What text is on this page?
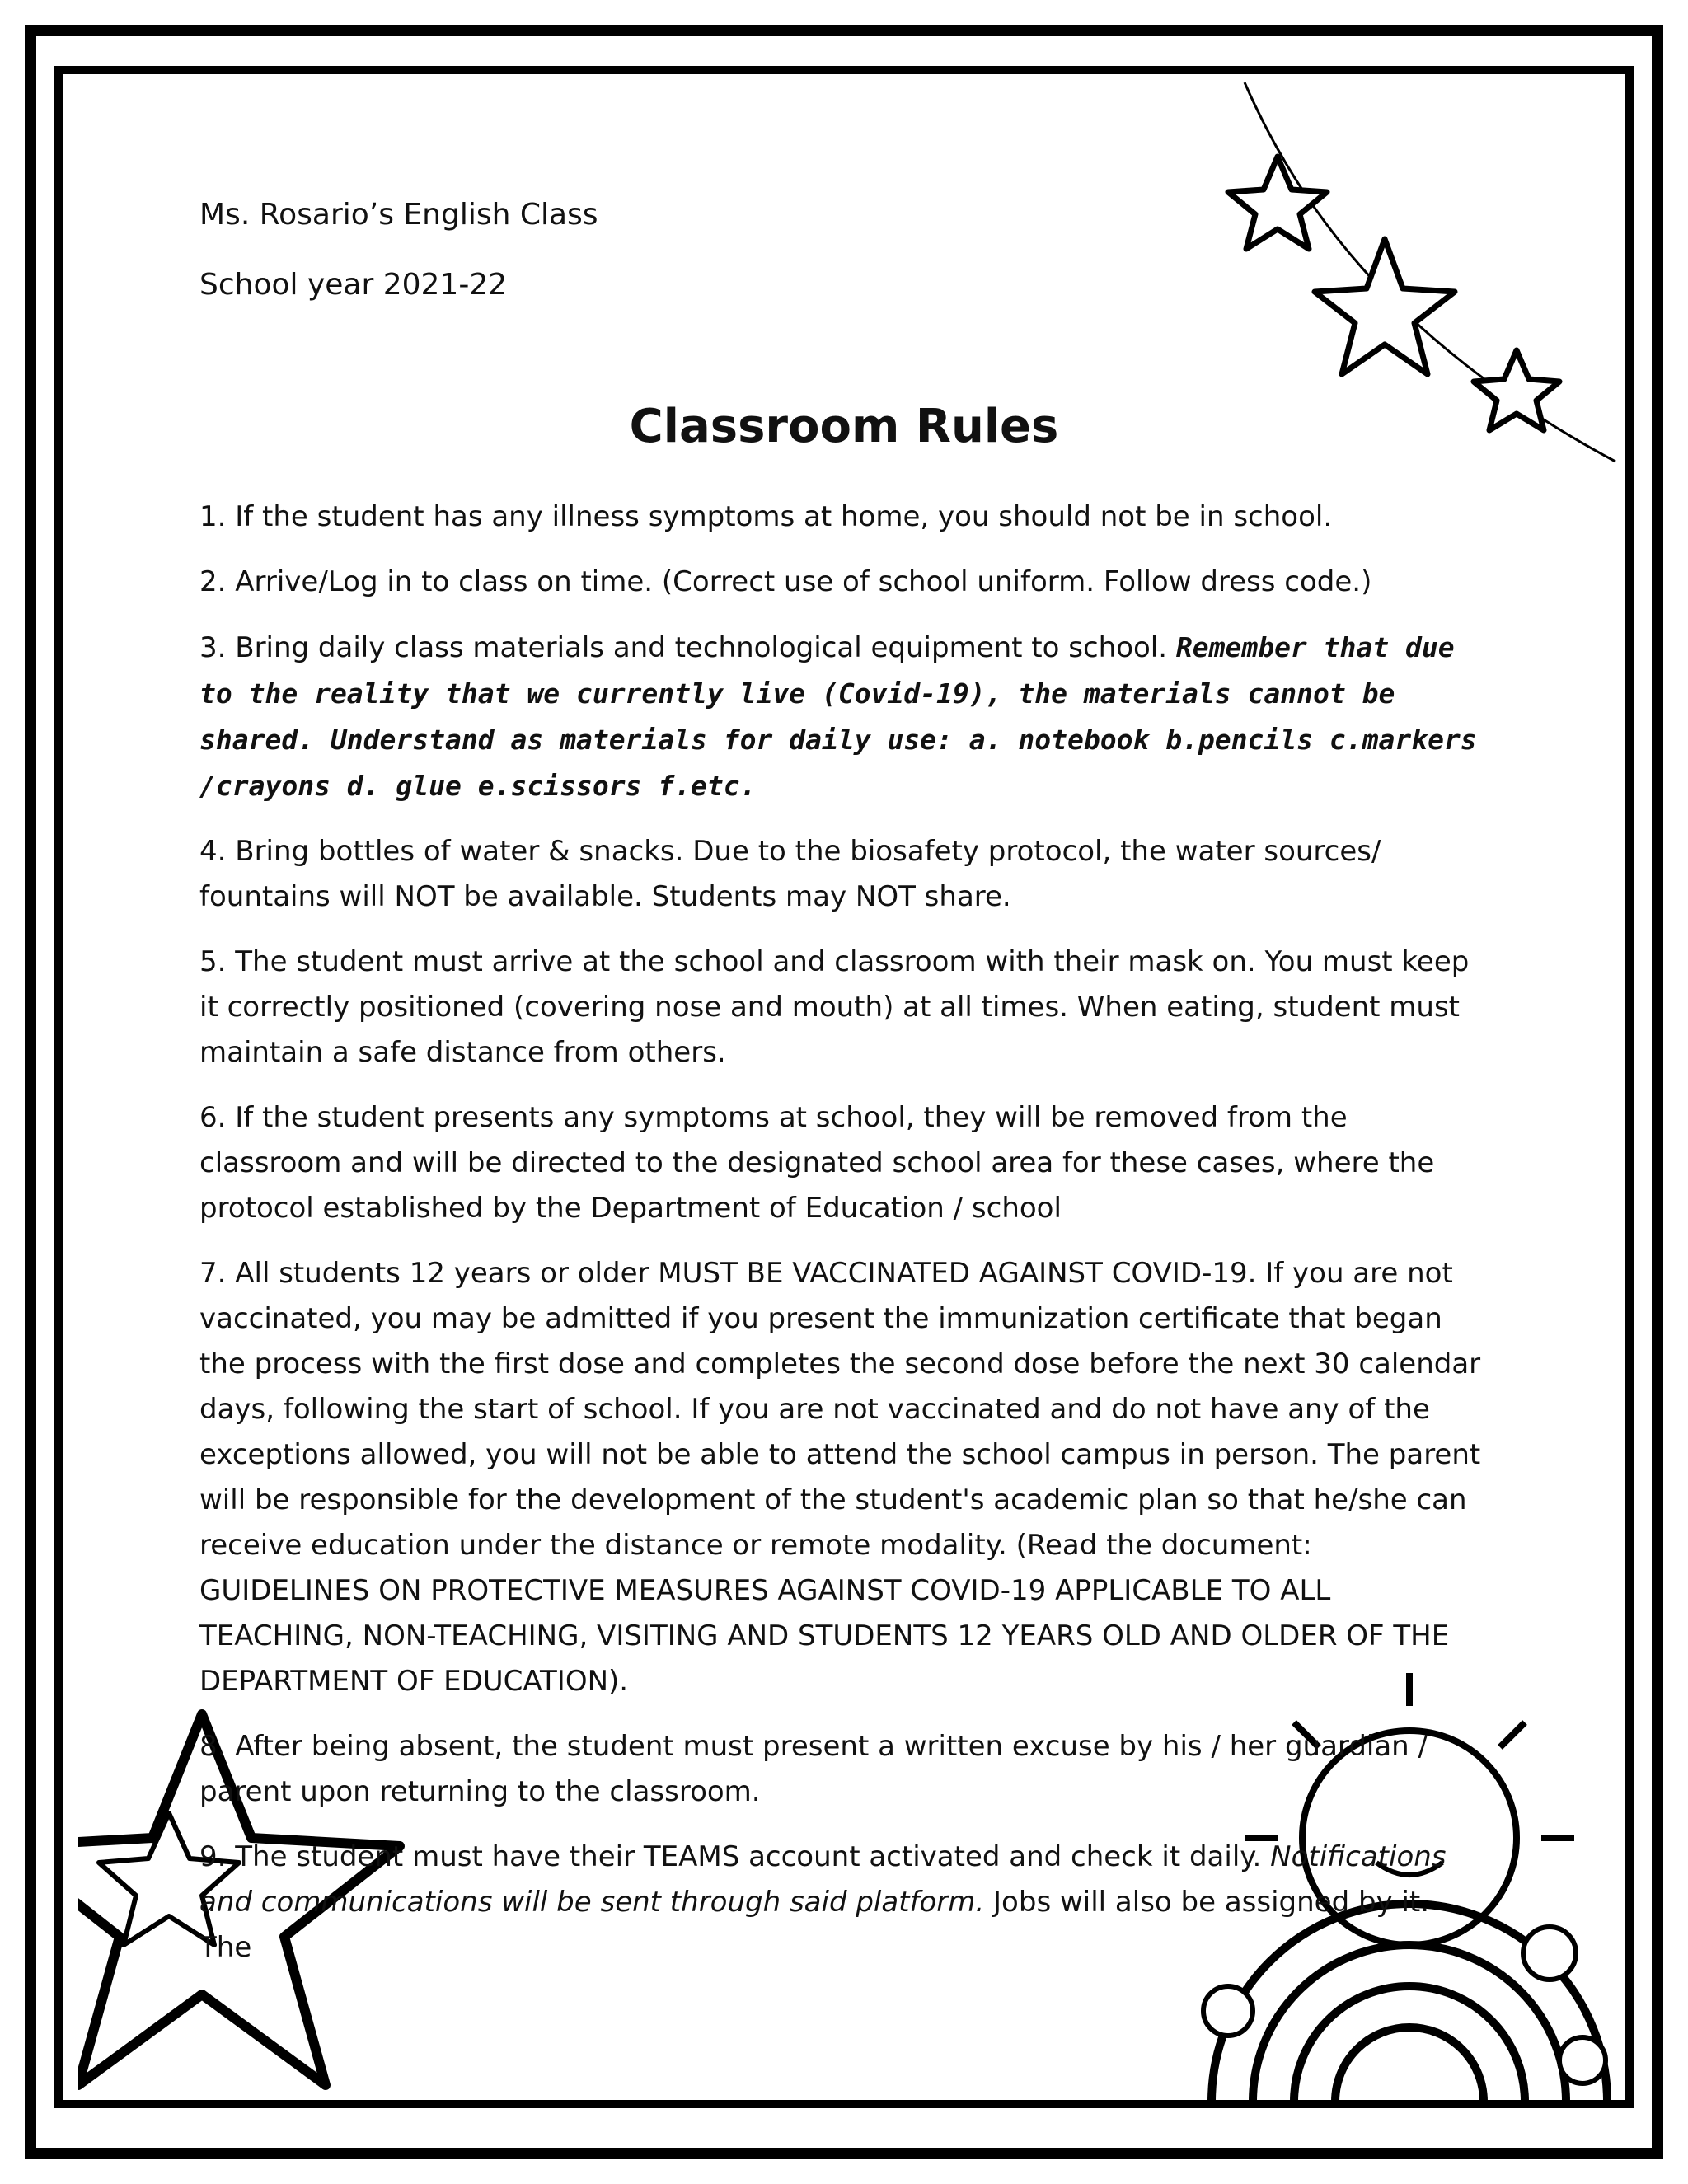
Ms. Rosario’s English Class

School year 2021-22

Classroom Rules

1. If the student has any illness symptoms at home, you should not be in school.

2. Arrive/Log in to class on time. (Correct use of school uniform. Follow dress code.)

3. Bring daily class materials and technological equipment to school. Remember that due to the reality that we currently live (Covid-19), the materials cannot be shared. Understand as materials for daily use: a. notebook b.pencils c.markers /crayons d. glue e.scissors f.etc.

4. Bring bottles of water & snacks. Due to the biosafety protocol, the water sources/ fountains will NOT be available. Students may NOT share.

5. The student must arrive at the school and classroom with their mask on. You must keep it correctly positioned (covering nose and mouth) at all times. When eating, student must maintain a safe distance from others.

6. If the student presents any symptoms at school, they will be removed from the classroom and will be directed to the designated school area for these cases, where the protocol established by the Department of Education / school

7. All students 12 years or older MUST BE VACCINATED AGAINST COVID-19. If you are not vaccinated, you may be admitted if you present the immunization certificate that began the process with the first dose and completes the second dose before the next 30 calendar days, following the start of school. If you are not vaccinated and do not have any of the exceptions allowed, you will not be able to attend the school campus in person. The parent will be responsible for the development of the student's academic plan so that he/she can receive education under the distance or remote modality. (Read the document: GUIDELINES ON PROTECTIVE MEASURES AGAINST COVID-19 APPLICABLE TO ALL TEACHING, NON-TEACHING, VISITING AND STUDENTS 12 YEARS OLD AND OLDER OF THE DEPARTMENT OF EDUCATION).

8. After being absent, the student must present a written excuse by his / her guardian / parent upon returning to the classroom.

9. The student must have their TEAMS account activated and check it daily. Notifications and communications will be sent through said platform. Jobs will also be assigned by it. The
